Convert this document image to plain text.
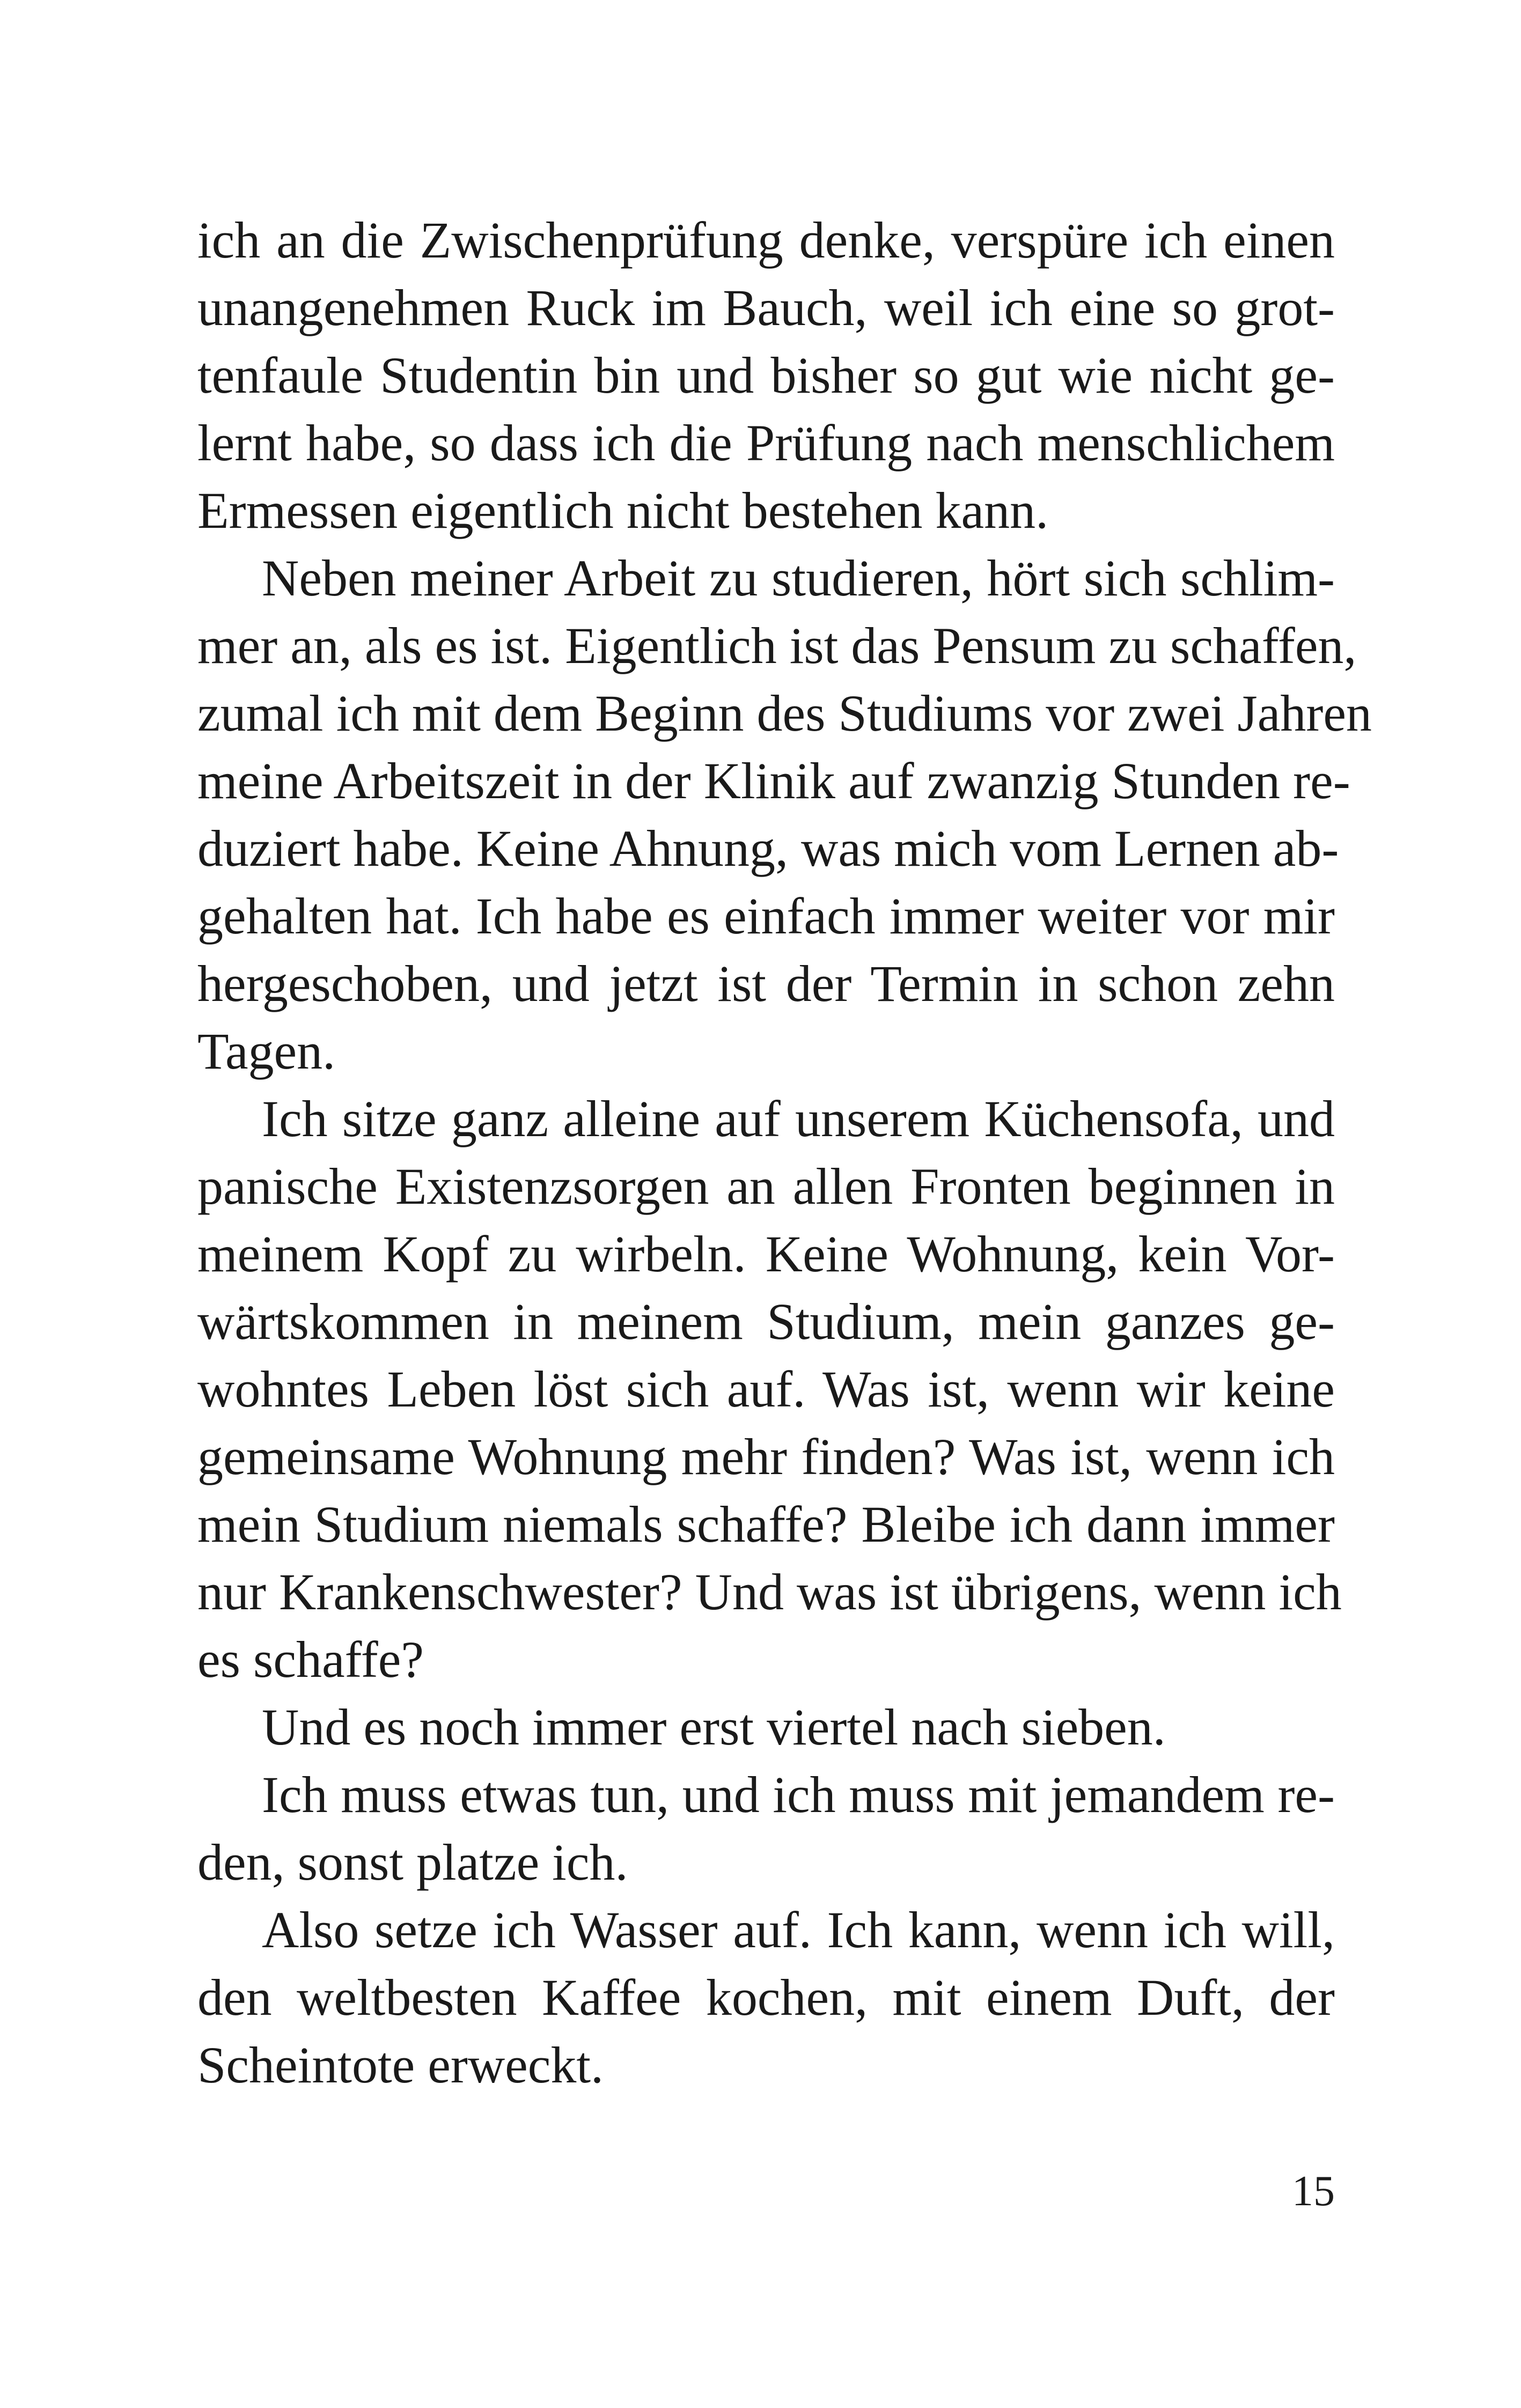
ich an die Zwischenprüfung denke, verspüre ich einen
unangenehmen Ruck im Bauch, weil ich eine so grot-
tenfaule Studentin bin und bisher so gut wie nicht ge-
lernt habe, so dass ich die Prüfung nach menschlichem
Ermessen eigentlich nicht bestehen kann.
Neben meiner Arbeit zu studieren, hört sich schlim-
mer an, als es ist. Eigentlich ist das Pensum zu schaffen,
zumal ich mit dem Beginn des Studiums vor zwei Jahren
meine Arbeitszeit in der Klinik auf zwanzig Stunden re-
duziert habe. Keine Ahnung, was mich vom Lernen ab-
gehalten hat. Ich habe es einfach immer weiter vor mir
hergeschoben, und jetzt ist der Termin in schon zehn
Tagen.
Ich sitze ganz alleine auf unserem Küchensofa, und
panische Existenzsorgen an allen Fronten beginnen in
meinem Kopf zu wirbeln. Keine Wohnung, kein Vor-
wärtskommen in meinem Studium, mein ganzes ge-
wohntes Leben löst sich auf. Was ist, wenn wir keine
gemeinsame Wohnung mehr finden? Was ist, wenn ich
mein Studium niemals schaffe? Bleibe ich dann immer
nur Krankenschwester? Und was ist übrigens, wenn ich
es schaffe?
Und es noch immer erst viertel nach sieben.
Ich muss etwas tun, und ich muss mit jemandem re-
den, sonst platze ich.
Also setze ich Wasser auf. Ich kann, wenn ich will,
den weltbesten Kaffee kochen, mit einem Duft, der
Scheintote erweckt.
15
